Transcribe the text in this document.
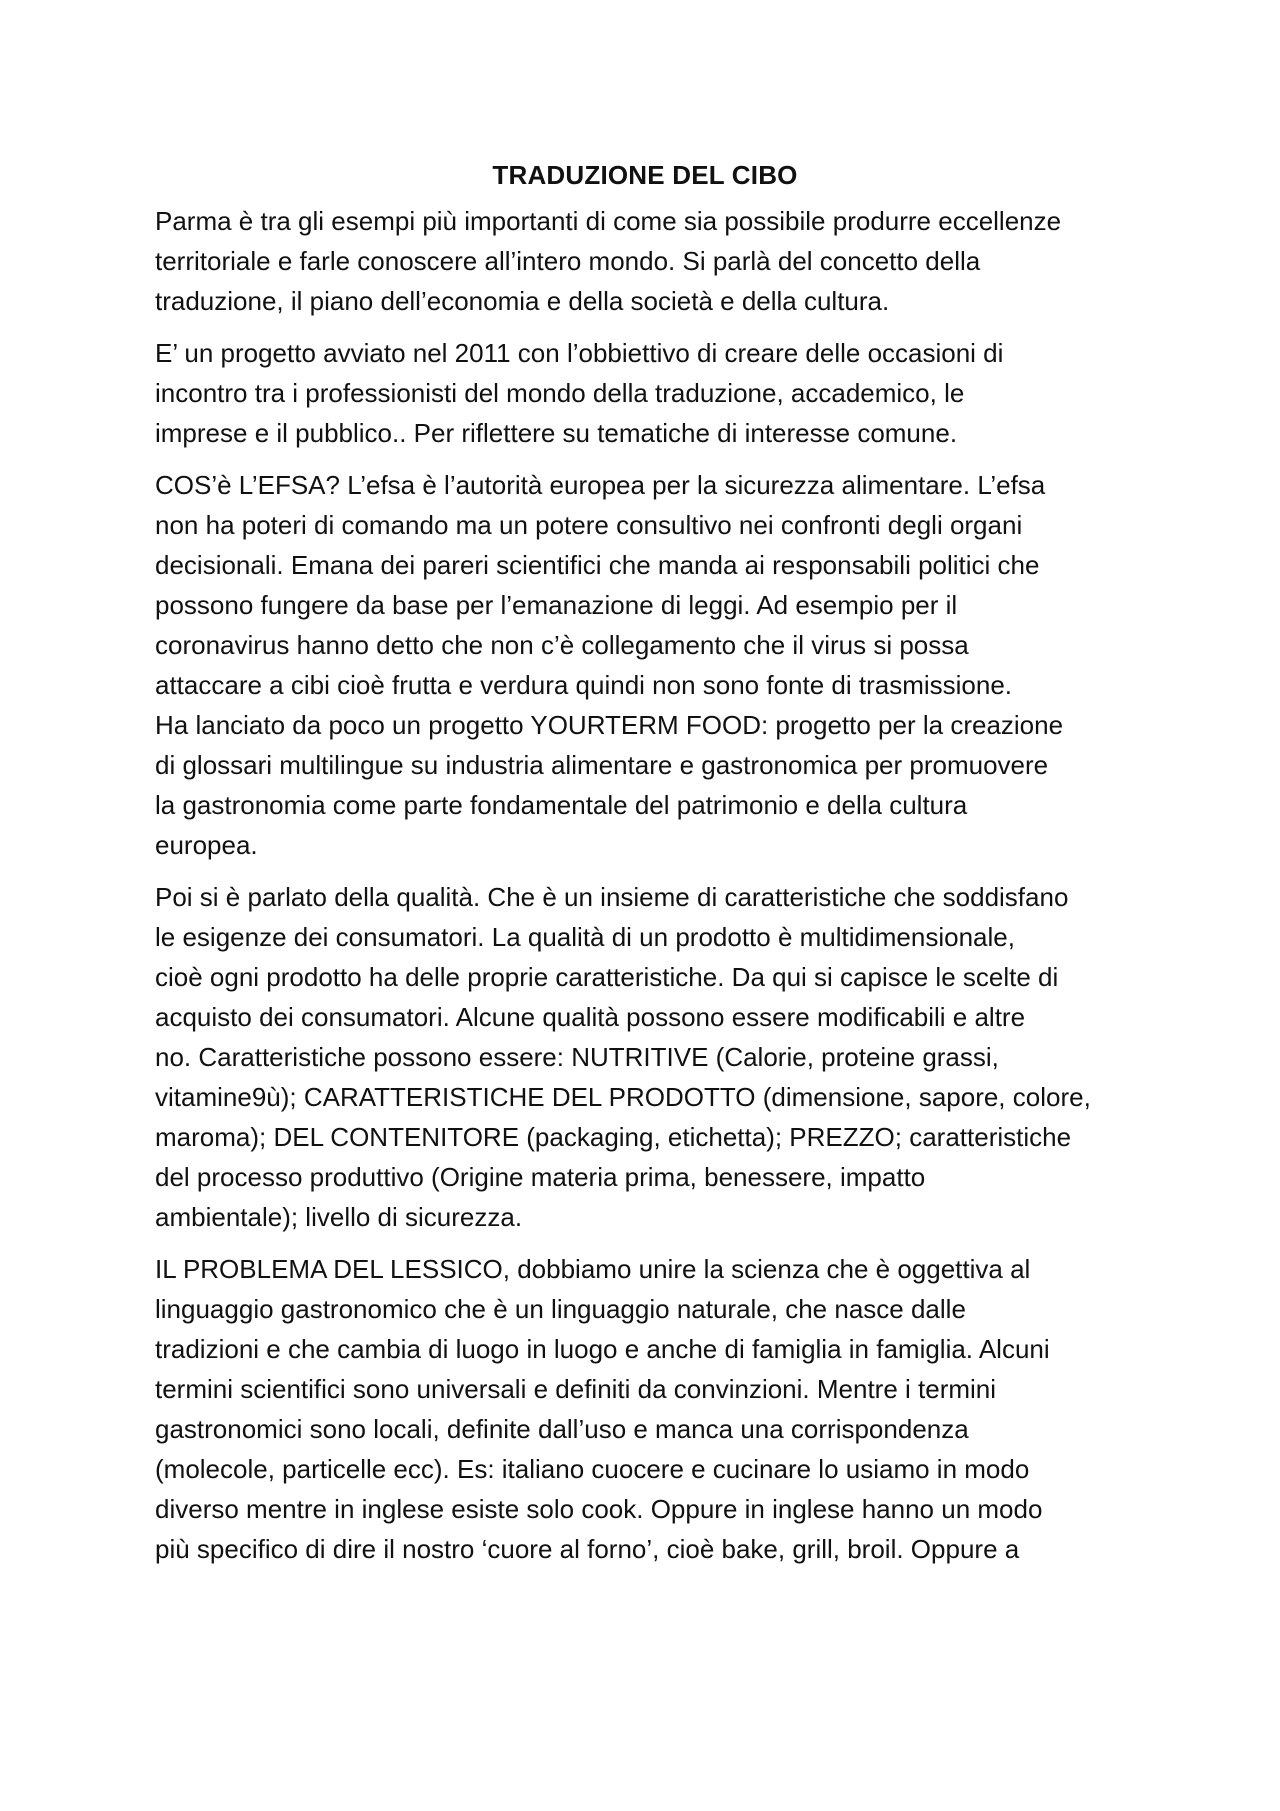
TRADUZIONE DEL CIBO
Parma è tra gli esempi più importanti di come sia possibile produrre eccellenze
territoriale e farle conoscere all’intero mondo. Si parlà del concetto della
traduzione, il piano dell’economia e della società e della cultura.
E’ un progetto avviato nel 2011 con l’obbiettivo di creare delle occasioni di
incontro tra i professionisti del mondo della traduzione, accademico, le
imprese e il pubblico.. Per riflettere su tematiche di interesse comune.
COS’è L’EFSA? L’efsa è l’autorità europea per la sicurezza alimentare. L’efsa
non ha poteri di comando ma un potere consultivo nei confronti degli organi
decisionali. Emana dei pareri scientifici che manda ai responsabili politici che
possono fungere da base per l’emanazione di leggi. Ad esempio per il
coronavirus hanno detto che non c’è collegamento che il virus si possa
attaccare a cibi cioè frutta e verdura quindi non sono fonte di trasmissione.
Ha lanciato da poco un progetto YOURTERM FOOD: progetto per la creazione
di glossari multilingue su industria alimentare e gastronomica per promuovere
la gastronomia come parte fondamentale del patrimonio e della cultura
europea.
Poi si è parlato della qualità. Che è un insieme di caratteristiche che soddisfano
le esigenze dei consumatori. La qualità di un prodotto è multidimensionale,
cioè ogni prodotto ha delle proprie caratteristiche. Da qui si capisce le scelte di
acquisto dei consumatori. Alcune qualità possono essere modificabili e altre
no. Caratteristiche possono essere: NUTRITIVE (Calorie, proteine grassi,
vitamine9ù); CARATTERISTICHE DEL PRODOTTO (dimensione, sapore, colore,
maroma); DEL CONTENITORE (packaging, etichetta); PREZZO; caratteristiche
del processo produttivo (Origine materia prima, benessere, impatto
ambientale); livello di sicurezza.
IL PROBLEMA DEL LESSICO, dobbiamo unire la scienza che è oggettiva al
linguaggio gastronomico che è un linguaggio naturale, che nasce dalle
tradizioni e che cambia di luogo in luogo e anche di famiglia in famiglia. Alcuni
termini scientifici sono universali e definiti da convinzioni. Mentre i termini
gastronomici sono locali, definite dall’uso e manca una corrispondenza
(molecole, particelle ecc). Es: italiano cuocere e cucinare lo usiamo in modo
diverso mentre in inglese esiste solo cook. Oppure in inglese hanno un modo
più specifico di dire il nostro ‘cuore al forno’, cioè bake, grill, broil. Oppure a
